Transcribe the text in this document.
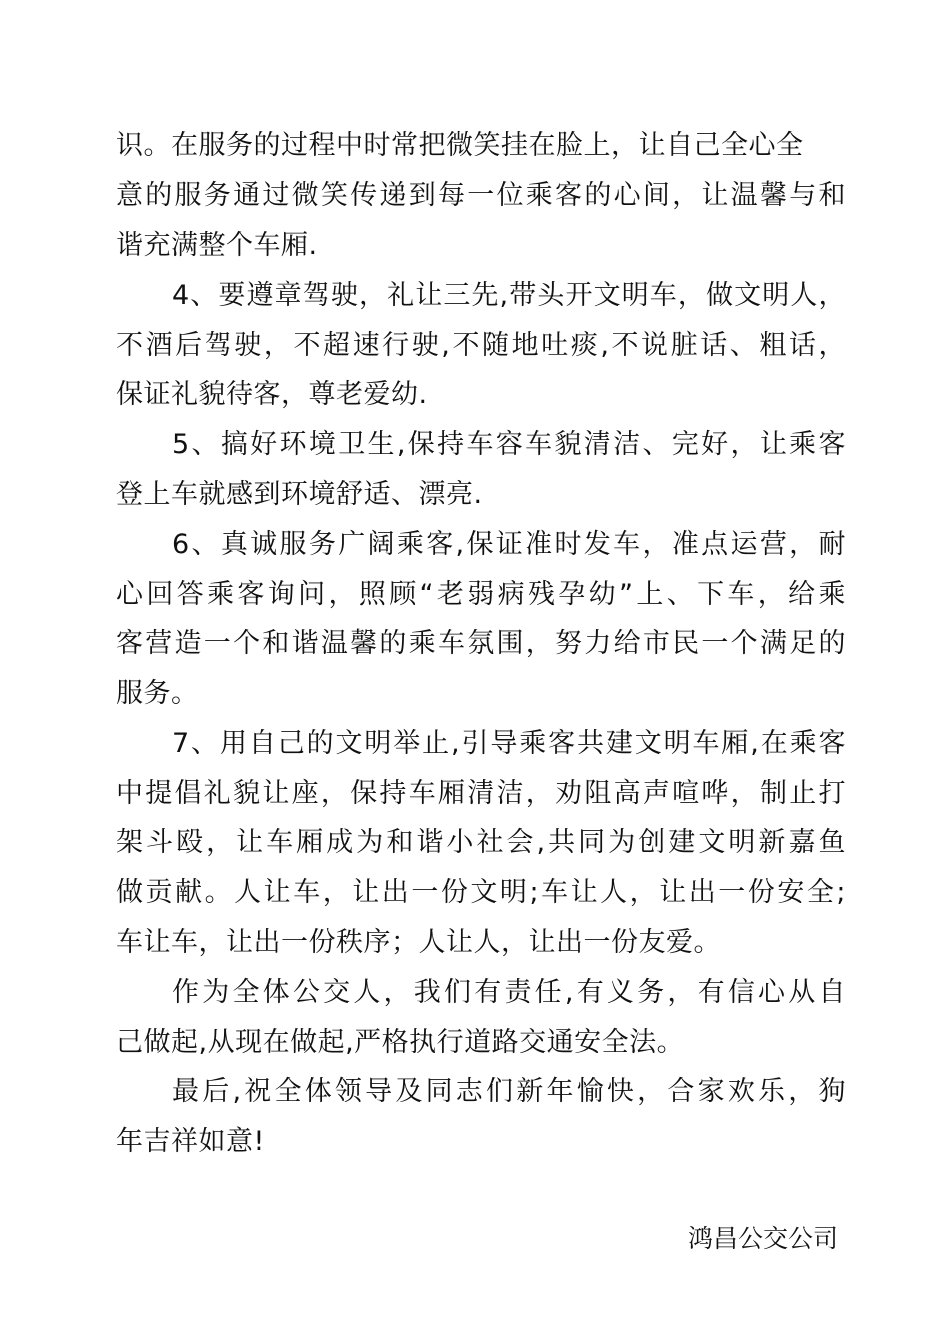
识。在服务的过程中时常把微笑挂在脸上，让自己全心全
意的服务通过微笑传递到每一位乘客的心间，让温馨与和
谐充满整个车厢.
4、要遵章驾驶，礼让三先,带头开文明车，做文明人，
不酒后驾驶，不超速行驶,不随地吐痰,不说脏话、粗话，
保证礼貌待客，尊老爱幼.
5、搞好环境卫生,保持车容车貌清洁、完好，让乘客
登上车就感到环境舒适、漂亮.
6、真诚服务广阔乘客,保证准时发车，准点运营，耐
心回答乘客询问，照顾“老弱病残孕幼”上、下车，给乘
客营造一个和谐温馨的乘车氛围，努力给市民一个满足的
服务。
7、用自己的文明举止,引导乘客共建文明车厢,在乘客
中提倡礼貌让座，保持车厢清洁，劝阻高声喧哗，制止打
架斗殴，让车厢成为和谐小社会,共同为创建文明新嘉鱼
做贡献。人让车，让出一份文明;车让人，让出一份安全;
车让车，让出一份秩序；人让人，让出一份友爱。
作为全体公交人，我们有责任,有义务，有信心从自
己做起,从现在做起,严格执行道路交通安全法。
最后,祝全体领导及同志们新年愉快，合家欢乐，狗
年吉祥如意!
鸿昌公交公司
